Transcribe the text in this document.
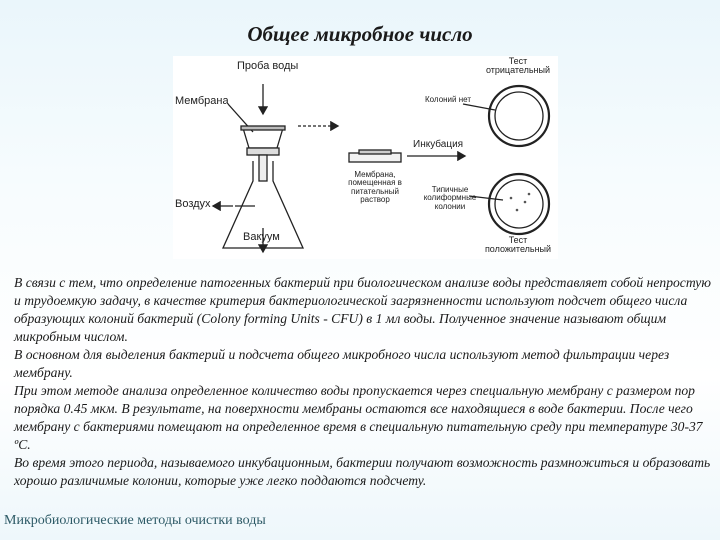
Общее микробное число
Проба воды
Мембрана
Воздух
Вакуум
Мембрана, помещенная в питательный раствор
Инкубация
Тест отрицательный
Колоний нет
Типичные колиформные колонии
Тест положительный

В связи с тем, что определение патогенных бактерий при биологическом анализе воды представляет собой непростую и трудоемкую задачу, в качестве критерия бактериологической загрязненности используют подсчет общего числа образующих колоний бактерий (Colony forming Units - CFU) в 1 мл воды. Полученное значение называют общим микробным числом.

В основном для выделения бактерий и подсчета общего микробного числа используют метод фильтрации через мембрану.

При этом методе анализа определенное количество воды пропускается через специальную мембрану с размером пор порядка 0.45 мкм. В результате, на поверхности мембраны остаются все находящиеся в воде бактерии. После чего мембрану с бактериями помещают на определенное время в специальную питательную среду при температуре 30-37 ºС.

Во время этого периода, называемого инкубационным, бактерии получают возможность размножиться и образовать хорошо различимые колонии, которые уже легко поддаются подсчету.

Микробиологические методы очистки воды
